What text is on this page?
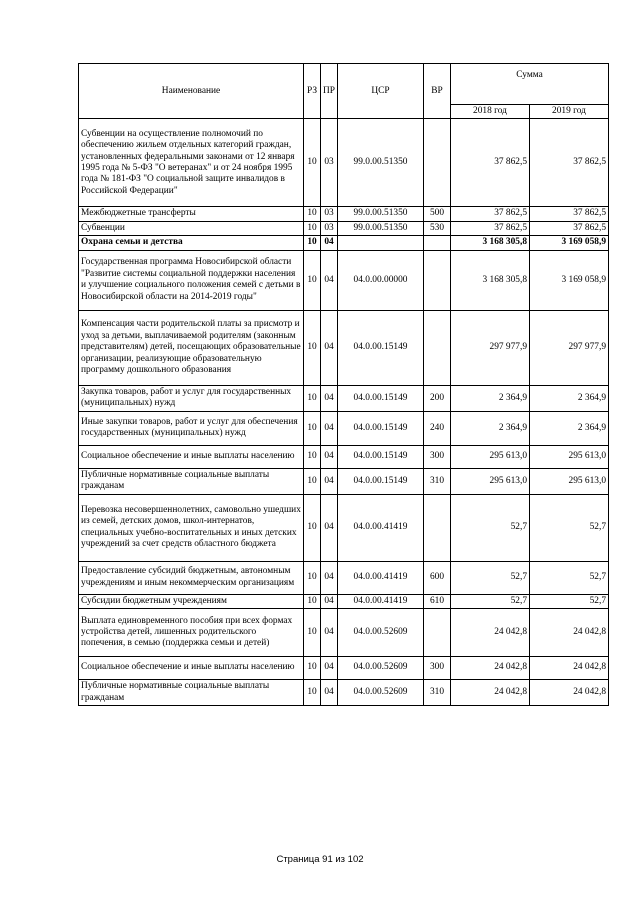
Наименование	РЗ	ПР	ЦСР	ВР	Сумма	
					2018 год	2019 год
Субвенции на осуществление полномочий по обеспечению жильем отдельных категорий граждан, установленных федеральными законами от 12 января 1995 года № 5-ФЗ "О ветеранах" и от 24 ноября 1995 года № 181-ФЗ "О социальной защите инвалидов в Российской Федерации"	10	03	99.0.00.51350		37 862,5	37 862,5
Межбюджетные трансферты	10	03	99.0.00.51350	500	37 862,5	37 862,5
Субвенции	10	03	99.0.00.51350	530	37 862,5	37 862,5
Охрана семьи и детства	10	04			3 168 305,8	3 169 058,9
Государственная программа Новосибирской области "Развитие системы социальной поддержки населения и улучшение социального положения семей с детьми в Новосибирской области на 2014-2019 годы"	10	04	04.0.00.00000		3 168 305,8	3 169 058,9
Компенсация части родительской платы за присмотр и уход за детьми, выплачиваемой родителям (законным представителям) детей, посещающих образовательные организации, реализующие образовательную программу дошкольного образования	10	04	04.0.00.15149		297 977,9	297 977,9
Закупка товаров, работ и услуг для государственных (муниципальных) нужд	10	04	04.0.00.15149	200	2 364,9	2 364,9
Иные закупки товаров, работ и услуг для обеспечения государственных (муниципальных) нужд	10	04	04.0.00.15149	240	2 364,9	2 364,9
Социальное обеспечение и иные выплаты населению	10	04	04.0.00.15149	300	295 613,0	295 613,0
Публичные нормативные социальные выплаты гражданам	10	04	04.0.00.15149	310	295 613,0	295 613,0
Перевозка несовершеннолетних, самовольно ушедших из семей, детских домов, школ-интернатов, специальных учебно-воспитательных и иных детских учреждений за счет средств областного бюджета	10	04	04.0.00.41419		52,7	52,7
Предоставление субсидий бюджетным, автономным учреждениям и иным некоммерческим организациям	10	04	04.0.00.41419	600	52,7	52,7
Субсидии бюджетным учреждениям	10	04	04.0.00.41419	610	52,7	52,7
Выплата единовременного пособия при всех формах устройства детей, лишенных родительского попечения, в семью (поддержка семьи и детей)	10	04	04.0.00.52609		24 042,8	24 042,8
Социальное обеспечение и иные выплаты населению	10	04	04.0.00.52609	300	24 042,8	24 042,8
Публичные нормативные социальные выплаты гражданам	10	04	04.0.00.52609	310	24 042,8	24 042,8
Страница 91 из 102
